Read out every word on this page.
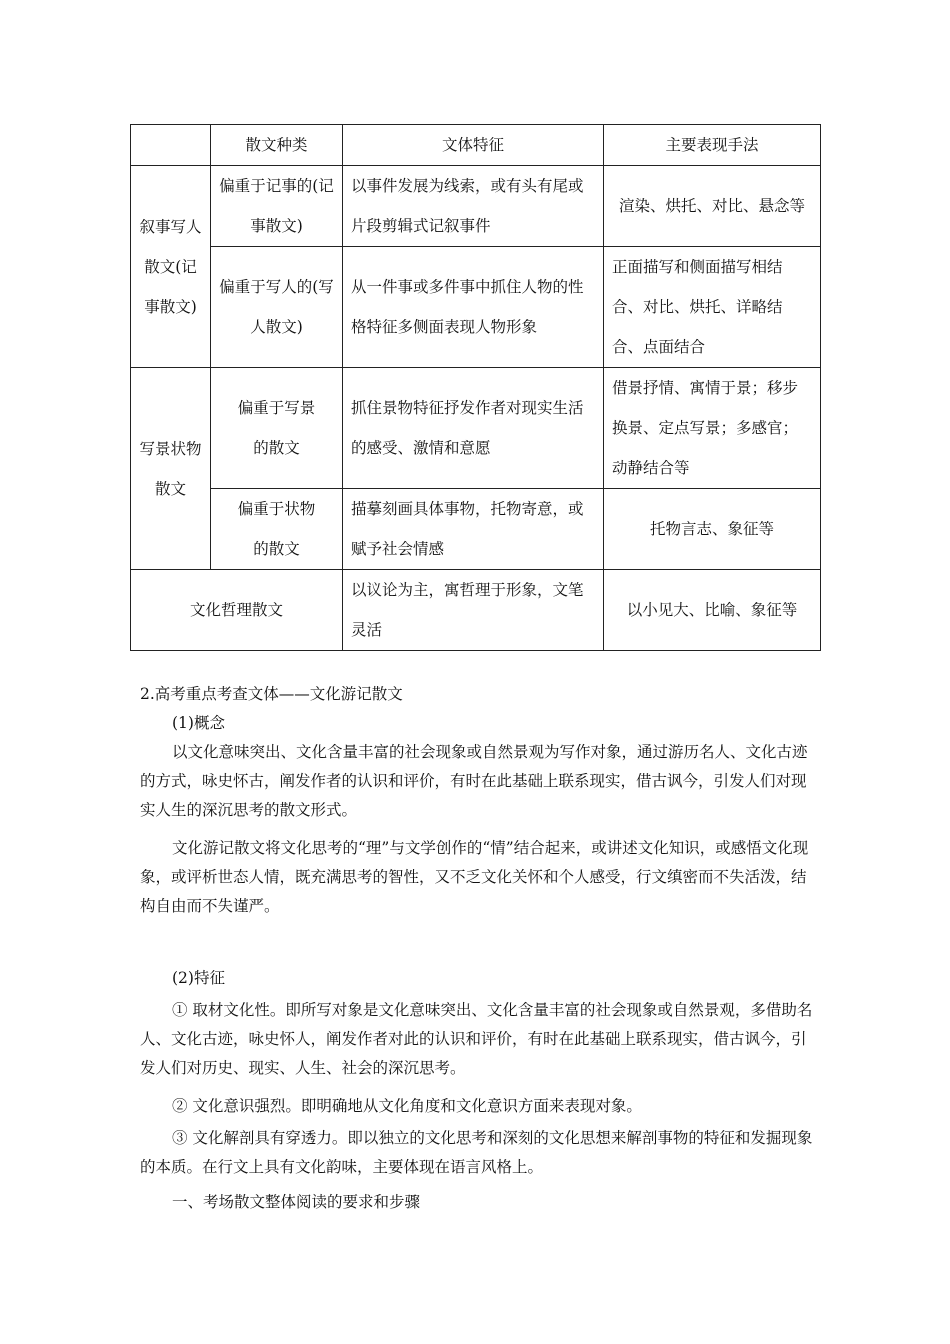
	散文种类	文体特征	主要表现手法
叙事写人散文(记事散文)	偏重于记事的(记事散文)	以事件发展为线索，或有头有尾或片段剪辑式记叙事件	渲染、烘托、对比、悬念等
	偏重于写人的(写人散文)	从一件事或多件事中抓住人物的性格特征多侧面表现人物形象	正面描写和侧面描写相结合、对比、烘托、详略结合、点面结合
写景状物散文	偏重于写景的散文	抓住景物特征抒发作者对现实生活的感受、激情和意愿	借景抒情、寓情于景；移步换景、定点写景；多感官；动静结合等
	偏重于状物的散文	描摹刻画具体事物，托物寄意，或赋予社会情感	托物言志、象征等
文化哲理散文		以议论为主，寓哲理于形象，文笔灵活	以小见大、比喻、象征等
2.高考重点考查文体——文化游记散文
(1)概念

以文化意味突出、文化含量丰富的社会现象或自然景观为写作对象，通过游历名人、文化古迹的方式，咏史怀古，阐发作者的认识和评价，有时在此基础上联系现实，借古讽今，引发人们对现实人生的深沉思考的散文形式。

文化游记散文将文化思考的“理”与文学创作的“情”结合起来，或讲述文化知识，或感悟文化现象，或评析世态人情，既充满思考的智性，又不乏文化关怀和个人感受，行文缜密而不失活泼，结构自由而不失谨严。

(2)特征

① 取材文化性。即所写对象是文化意味突出、文化含量丰富的社会现象或自然景观，多借助名人、文化古迹，咏史怀人，阐发作者对此的认识和评价，有时在此基础上联系现实，借古讽今，引发人们对历史、现实、人生、社会的深沉思考。

② 文化意识强烈。即明确地从文化角度和文化意识方面来表现对象。

③ 文化解剖具有穿透力。即以独立的文化思考和深刻的文化思想来解剖事物的特征和发掘现象的本质。在行文上具有文化韵味，主要体现在语言风格上。

一、考场散文整体阅读的要求和步骤
